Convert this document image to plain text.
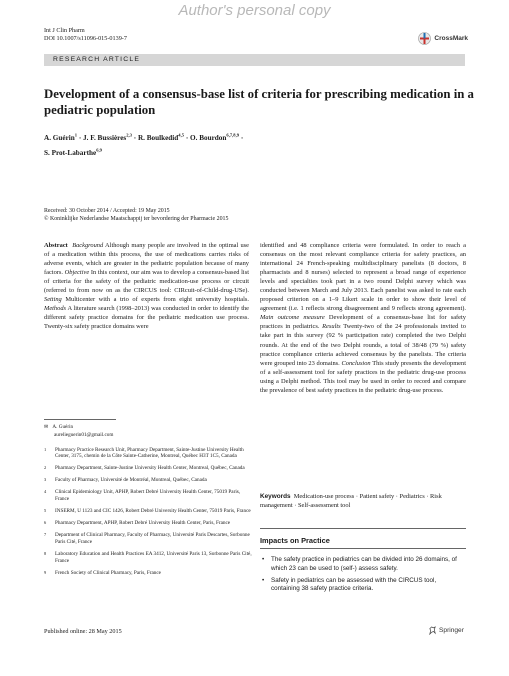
Author's personal copy
Int J Clin Pharm
DOI 10.1007/s11096-015-0139-7	CrossMark
RESEARCH ARTICLE
Development of a consensus-base list of criteria for prescribing medication in a pediatric population
A. Guérin$^1$ · J. F. Bussières$^{2,3}$ · R. Boulkedid$^{4,5}$ · O. Bourdon$^{6,7,8,9}$ ·
S. Prot-Labarthe$^{6,9}$
Received: 30 October 2014 / Accepted: 19 May 2015
© Koninklijke Nederlandse Maatschappij ter bevordering der Pharmacie 2015
Abstract Background Although many people are involved in the optimal use of a medication within this process, the use of medications carries risks of adverse events, which are greater in the pediatric population because of many factors. Objective In this context, our aim was to develop a consensus-based list of criteria for the safety of the pediatric medication-use process or circuit (referred to from now on as the CIRCUS tool: CIRcuit-of-Child-drug-USe). Setting Multicenter with a trio of experts from eight university hospitals. Methods A literature search (1998–2013) was conducted in order to identify the different safety practice domains for the pediatric medication use process. Twenty-six safety practice domains were
✉ A. Guérin
aurelieguerin01@gmail.com
1	Pharmacy Practice Research Unit, Pharmacy Department, Sainte-Justine University Health Center, 3175, chemin de la Côte Sainte-Catherine, Montreal, Québec H3T 1C5, Canada
2	Pharmacy Department, Sainte-Justine University Health Center, Montreal, Québec, Canada
3	Faculty of Pharmacy, Université de Montréal, Montreal, Québec, Canada
4	Clinical Epidemiology Unit, APHP, Robert Debré University Health Center, 75019 Paris, France
5	INSERM, U 1123 and CIC 1426, Robert Debré University Health Center, 75019 Paris, France
6	Pharmacy Department, APHP, Robert Debré University Health Center, Paris, France
7	Department of Clinical Pharmacy, Faculty of Pharmacy, Université Paris Descartes, Sorbonne Paris Cité, France
8	Laboratory Education and Health Practices EA 3412, Université Paris 13, Sorbonne Paris Cité, France
9	French Society of Clinical Pharmacy, Paris, France
identified and 48 compliance criteria were formulated. In order to reach a consensus on the most relevant compliance criteria for safety practices, an international 24 French-speaking multidisciplinary panelists (8 doctors, 8 pharmacists and 8 nurses) selected to represent a broad range of experience levels and specialties took part in a two round Delphi survey which was conducted between March and July 2013. Each panelist was asked to rate each proposed criterion on a 1–9 Likert scale in order to show their level of agreement (i.e. 1 reflects strong disagreement and 9 reflects strong agreement). Main outcome measure Development of a consensus-base list for safety practices in pediatrics. Results Twenty-two of the 24 professionals invited to take part in this survey (92 % participation rate) completed the two Delphi rounds. At the end of the two Delphi rounds, a total of 38/48 (79 %) safety practice compliance criteria achieved consensus by the panelists. The criteria were grouped into 23 domains. Conclusion This study presents the development of a self-assessment tool for safety practices in the pediatric drug-use process using a Delphi method. This tool may be used in order to record and compare the prevalence of best safety practices in the pediatric drug-use process.
Keywords Medication-use process · Patient safety · Pediatrics · Risk management · Self-assessment tool
Impacts on Practice
•	The safety practice in pediatrics can be divided into 26 domains, of which 23 can be used to (self-) assess safety.
•	Safety in pediatrics can be assessed with the CIRCUS tool, containing 38 safety practice criteria.
Published online: 28 May 2015	Springer
